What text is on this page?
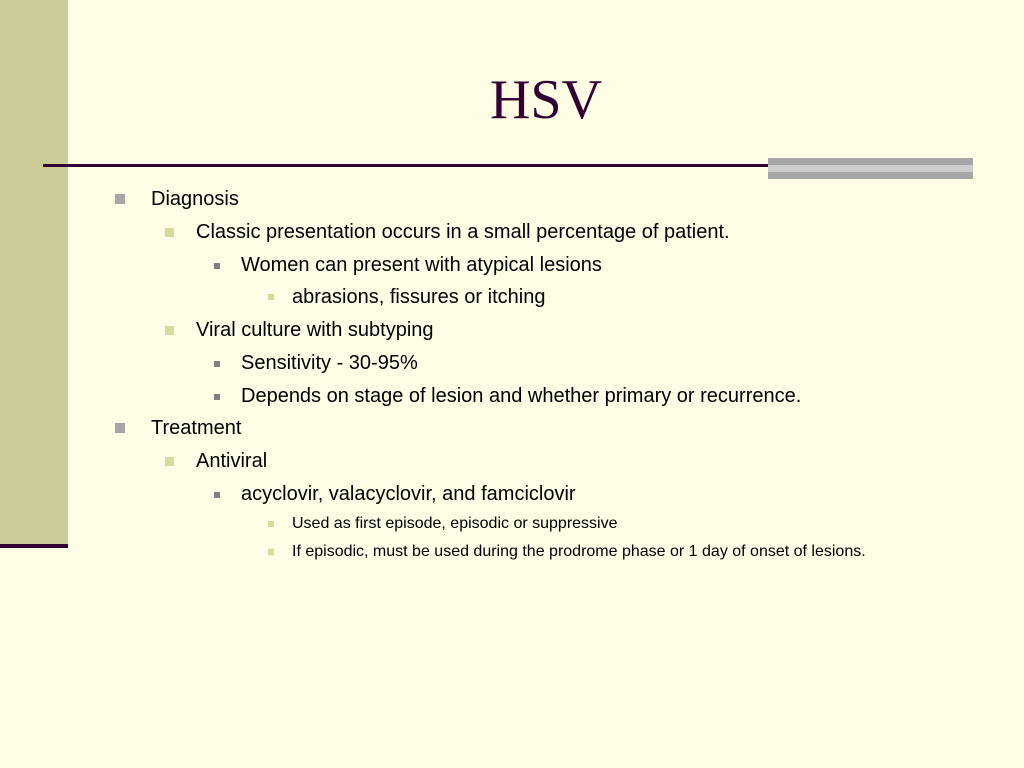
HSV
Diagnosis
Classic presentation occurs in a small percentage of patient.
Women can present with atypical lesions
abrasions, fissures or itching
Viral culture with subtyping
Sensitivity - 30-95%
Depends on stage of lesion and whether primary or recurrence.
Treatment
Antiviral
acyclovir, valacyclovir, and famciclovir
Used as first episode, episodic or suppressive
If episodic, must be used during the prodrome phase or 1 day of onset of lesions.
